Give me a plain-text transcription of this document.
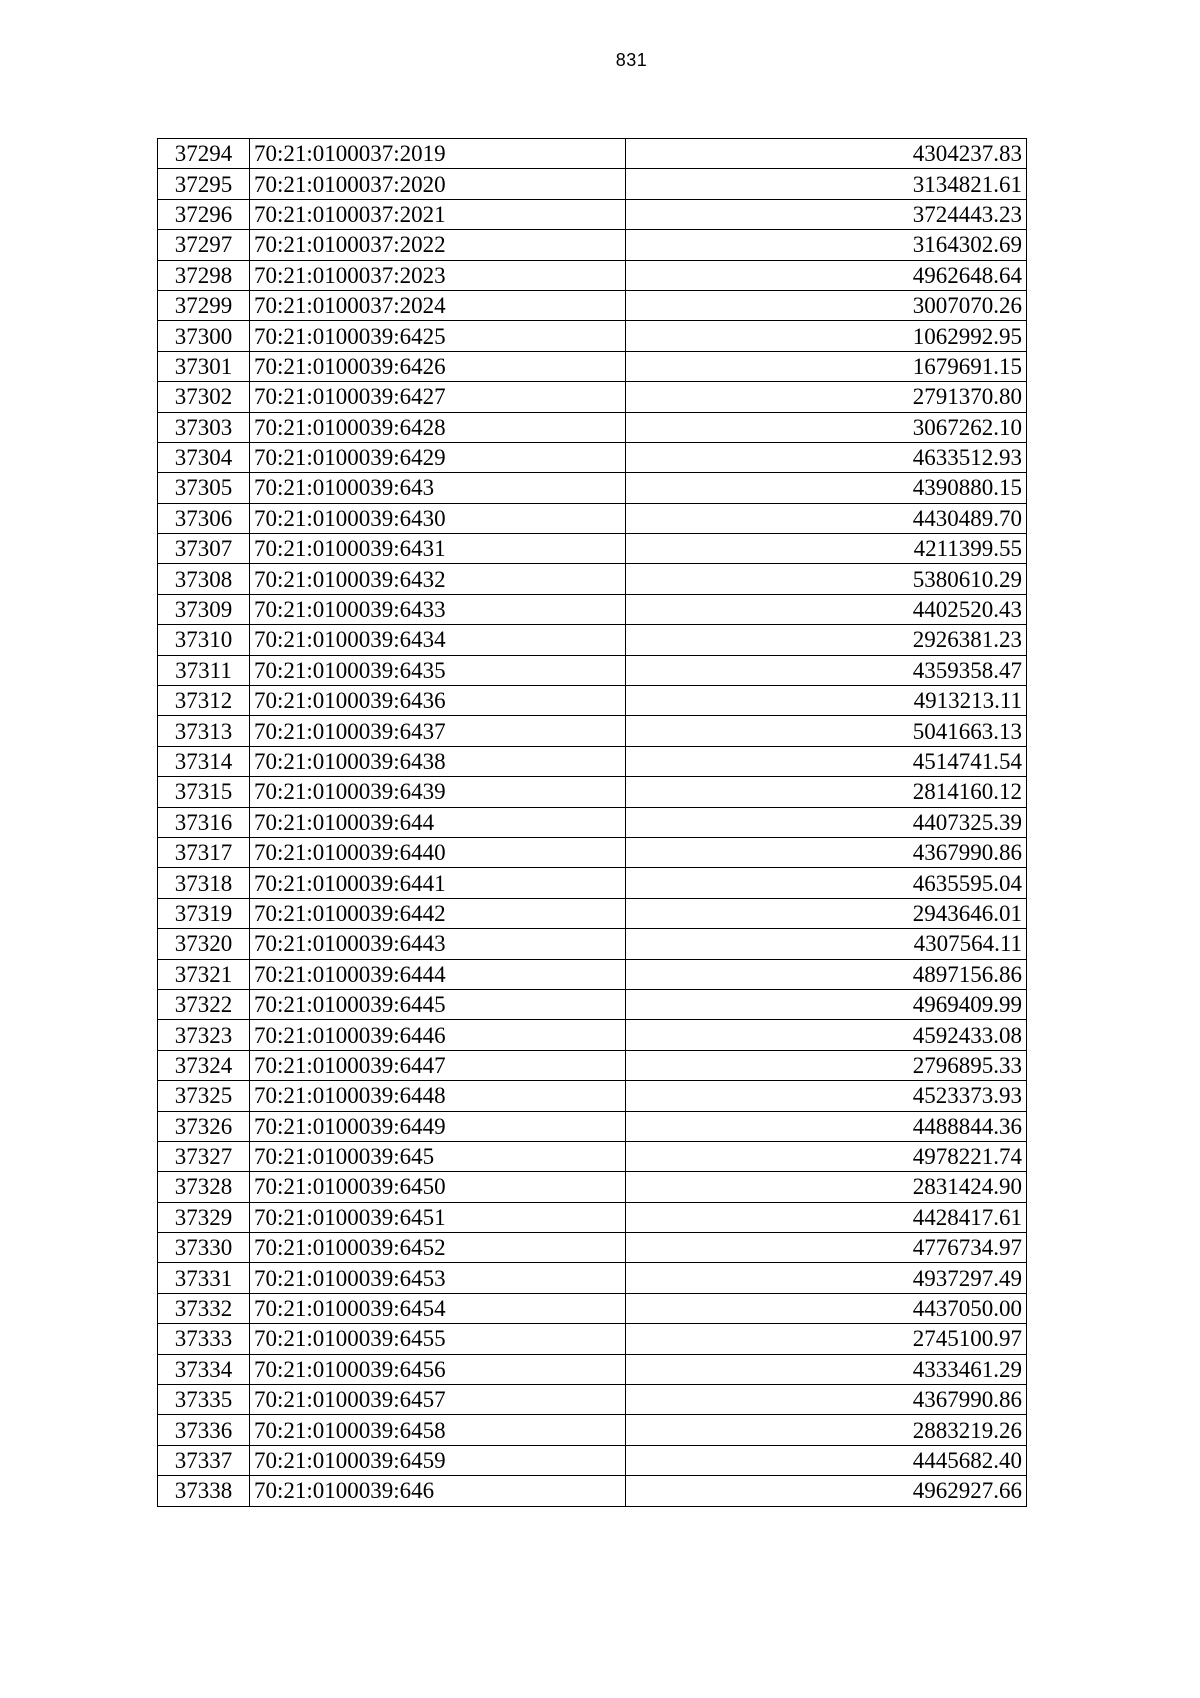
831
37294	70:21:0100037:2019	4304237.83
37295	70:21:0100037:2020	3134821.61
37296	70:21:0100037:2021	3724443.23
37297	70:21:0100037:2022	3164302.69
37298	70:21:0100037:2023	4962648.64
37299	70:21:0100037:2024	3007070.26
37300	70:21:0100039:6425	1062992.95
37301	70:21:0100039:6426	1679691.15
37302	70:21:0100039:6427	2791370.80
37303	70:21:0100039:6428	3067262.10
37304	70:21:0100039:6429	4633512.93
37305	70:21:0100039:643	4390880.15
37306	70:21:0100039:6430	4430489.70
37307	70:21:0100039:6431	4211399.55
37308	70:21:0100039:6432	5380610.29
37309	70:21:0100039:6433	4402520.43
37310	70:21:0100039:6434	2926381.23
37311	70:21:0100039:6435	4359358.47
37312	70:21:0100039:6436	4913213.11
37313	70:21:0100039:6437	5041663.13
37314	70:21:0100039:6438	4514741.54
37315	70:21:0100039:6439	2814160.12
37316	70:21:0100039:644	4407325.39
37317	70:21:0100039:6440	4367990.86
37318	70:21:0100039:6441	4635595.04
37319	70:21:0100039:6442	2943646.01
37320	70:21:0100039:6443	4307564.11
37321	70:21:0100039:6444	4897156.86
37322	70:21:0100039:6445	4969409.99
37323	70:21:0100039:6446	4592433.08
37324	70:21:0100039:6447	2796895.33
37325	70:21:0100039:6448	4523373.93
37326	70:21:0100039:6449	4488844.36
37327	70:21:0100039:645	4978221.74
37328	70:21:0100039:6450	2831424.90
37329	70:21:0100039:6451	4428417.61
37330	70:21:0100039:6452	4776734.97
37331	70:21:0100039:6453	4937297.49
37332	70:21:0100039:6454	4437050.00
37333	70:21:0100039:6455	2745100.97
37334	70:21:0100039:6456	4333461.29
37335	70:21:0100039:6457	4367990.86
37336	70:21:0100039:6458	2883219.26
37337	70:21:0100039:6459	4445682.40
37338	70:21:0100039:646	4962927.66
